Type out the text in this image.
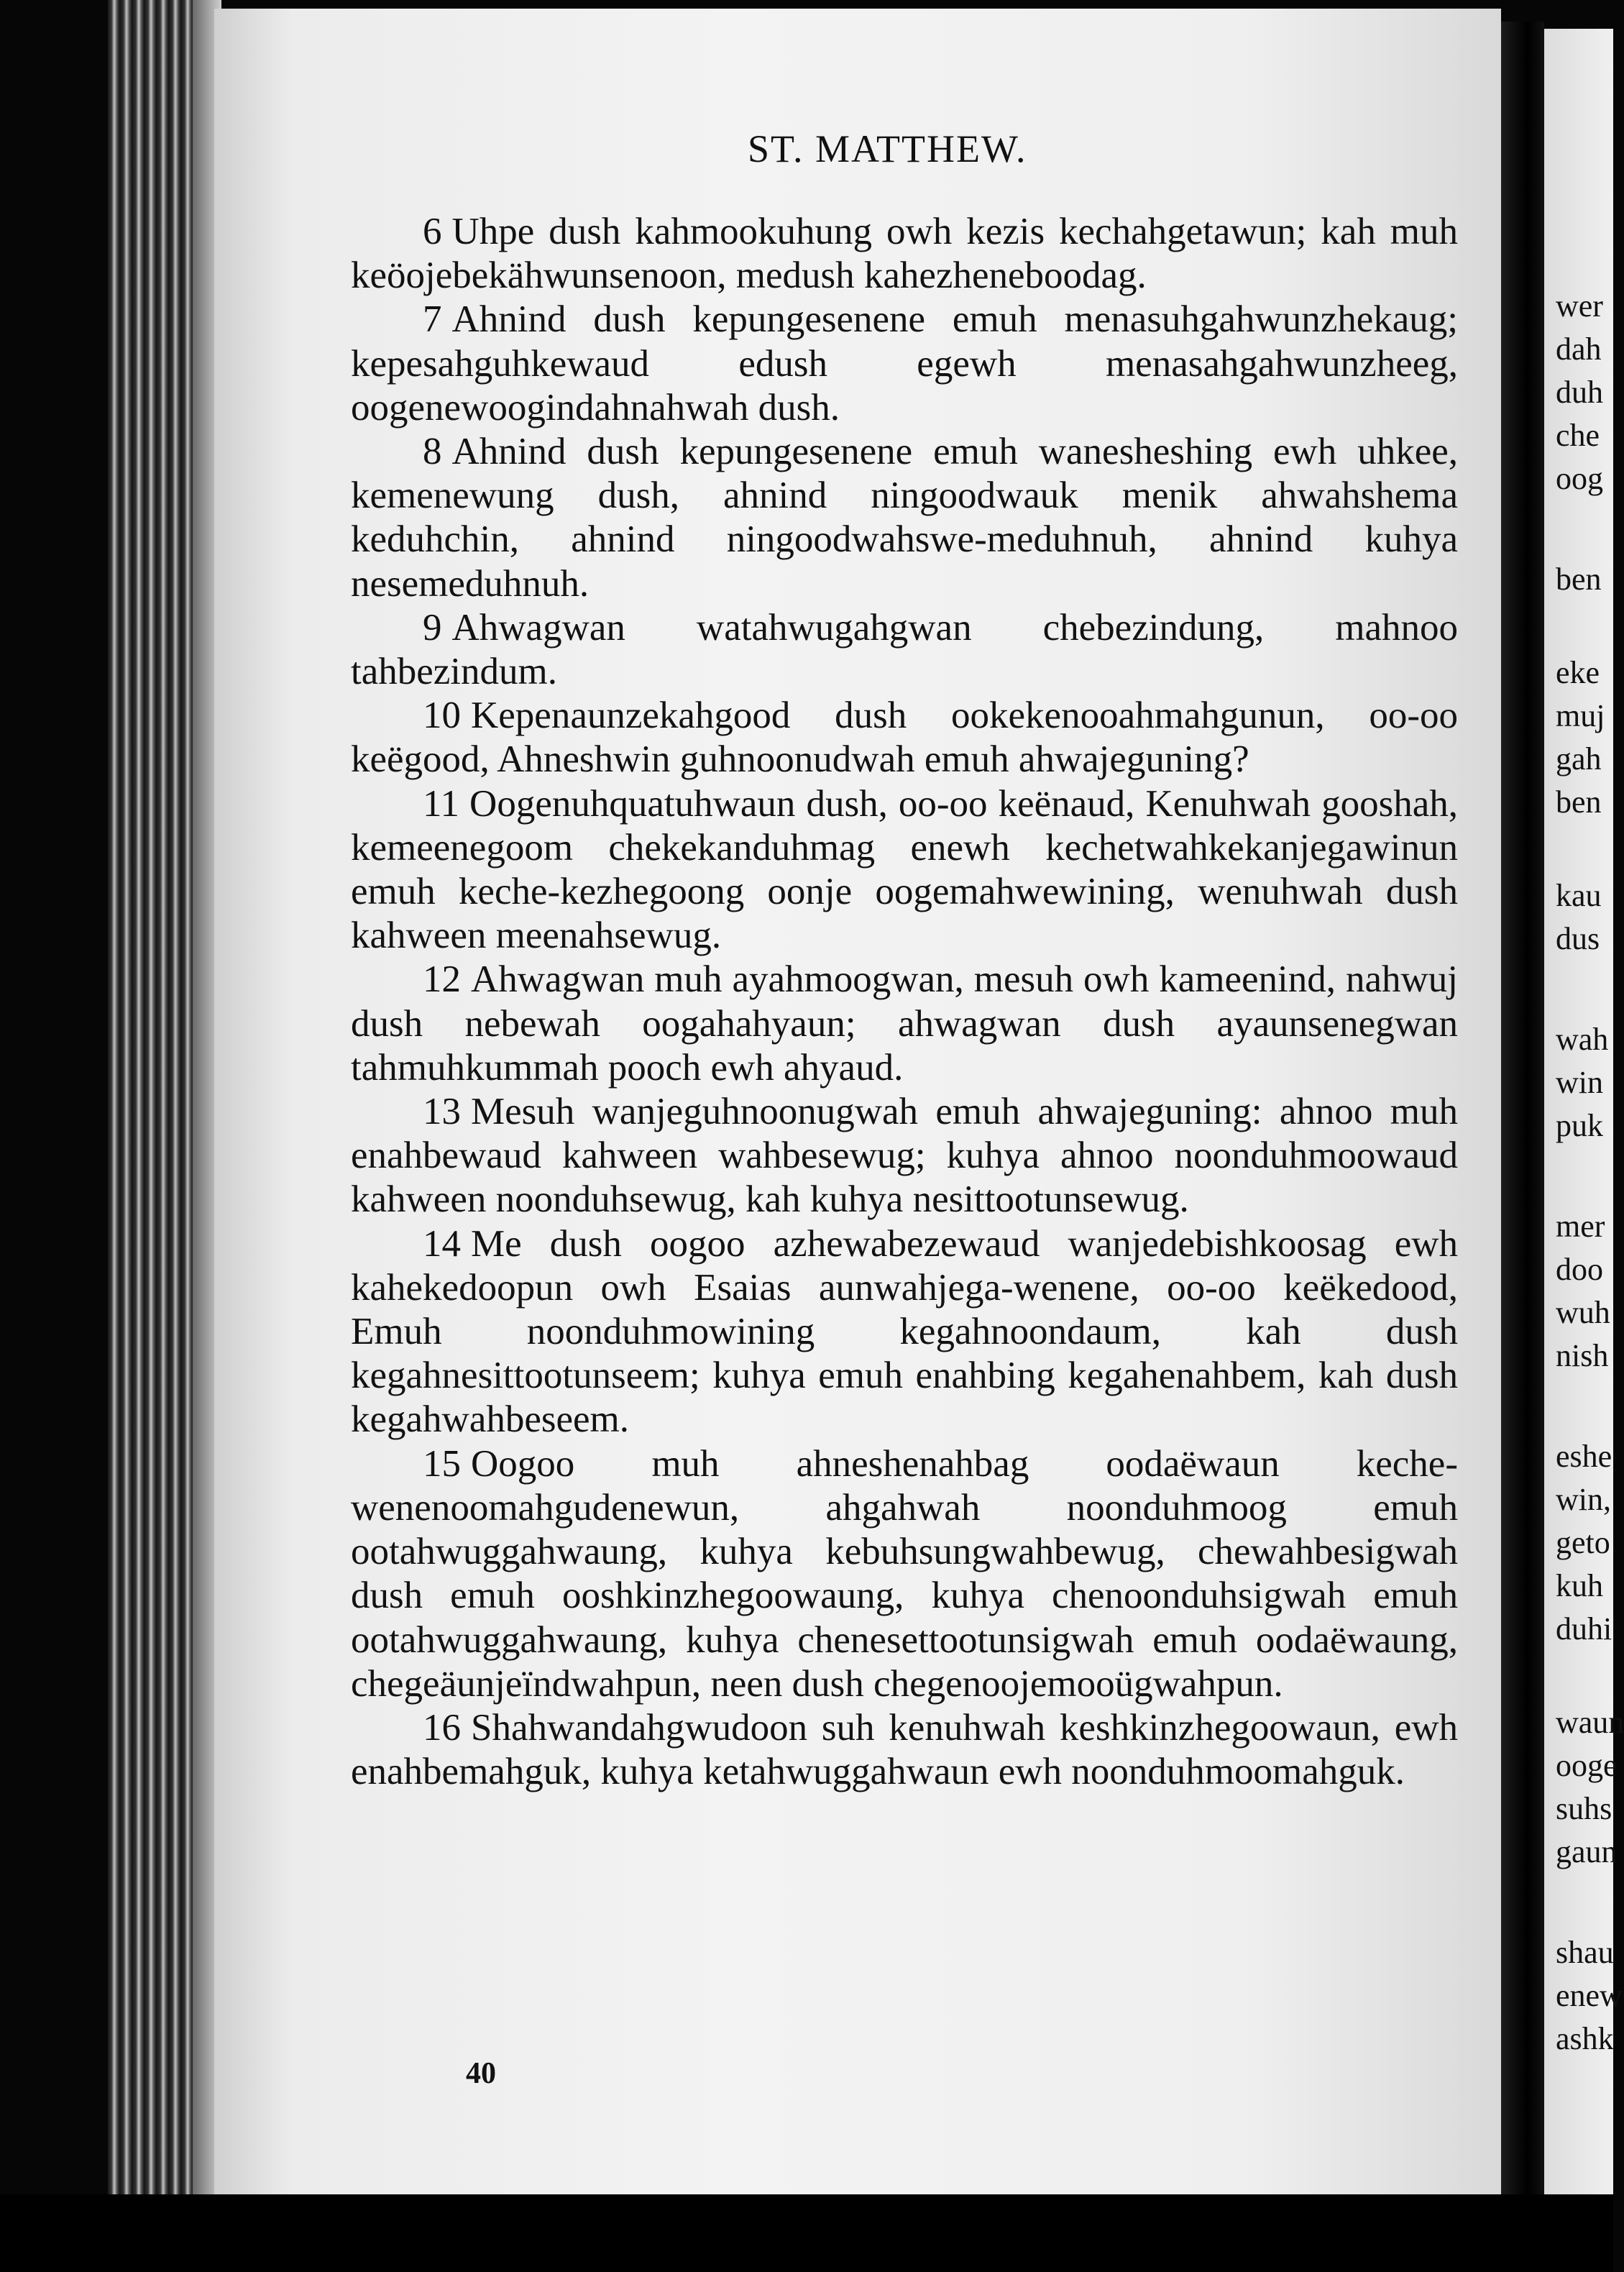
ST. MATTHEW.

6 Uhpe dush kahmookuhung owh kezis kechahgetawun; kah muh keöojebekähwunsenoon, medush kahezheneboodag.

7 Ahnind dush kepungesenene emuh menasuhgahwunzhekaug; kepesahguhkewaud edush egewh menasahgahwunzheeg, oogenewoogindahnahwah dush.

8 Ahnind dush kepungesenene emuh wanesheshing ewh uhkee, kemenewung dush, ahnind ningoodwauk menik ahwahshema keduhchin, ahnind ningoodwahswe-meduhnuh, ahnind kuhya nesemeduhnuh.

9 Ahwagwan watahwugahgwan chebezindung, mahnoo tahbezindum.

10 Kepenaunzekahgood dush ookekenooahmahgunun, oo-oo keëgood, Ahneshwin guhnoonudwah emuh ahwajeguning?

11 Oogenuhquatuhwaun dush, oo-oo keënaud, Kenuhwah gooshah, kemeenegoom chekekanduhmag enewh kechetwahkekanjegawinun emuh keche-kezhegoong oonje oogemahwewining, wenuhwah dush kahween meenahsewug.

12 Ahwagwan muh ayahmoogwan, mesuh owh kameenind, nahwuj dush nebewah oogahahyaun; ahwagwan dush ayaunsenegwan tahmuhkummah pooch ewh ahyaud.

13 Mesuh wanjeguhnoonugwah emuh ahwajeguning: ahnoo muh enahbewaud kahween wahbesewug; kuhya ahnoo noonduhmoowaud kahween noonduhsewug, kah kuhya nesittootunsewug.

14 Me dush oogoo azhewabezewaud wanjedebishkoosag ewh kahekedoopun owh Esaias aunwahjega-wenene, oo-oo keëkedood, Emuh noonduhmowining kegahnoondaum, kah dush kegahnesittootunseem; kuhya emuh enahbing kegahenahbem, kah dush kegahwahbeseem.

15 Oogoo muh ahneshenahbag oodaëwaun keche-wenenoomahgudenewun, ahgahwah noonduhmoog emuh ootahwuggahwaung, kuhya kebuhsungwahbewug, chewahbesigwah dush emuh ooshkinzhegoowaung, kuhya chenoonduhsigwah emuh ootahwuggahwaung, kuhya chenesettootunsigwah emuh oodaëwaung, chegeäunjeïndwahpun, neen dush chegenoojemooügwahpun.

16 Shahwandahgwudoon suh kenuhwah keshkinzhegoowaun, ewh enahbemahguk, kuhya ketahwuggahwaun ewh noonduhmoomahguk.

40
wer
dah
duh
che
oog
ben
eke
muj
gah
ben
kau
dus
wah
win
puk
mer
doo
wuh
nish
eshe
win,
geto
kuh
duhi
waun
ooge
suhs
gaun
shau
enew
ashk
